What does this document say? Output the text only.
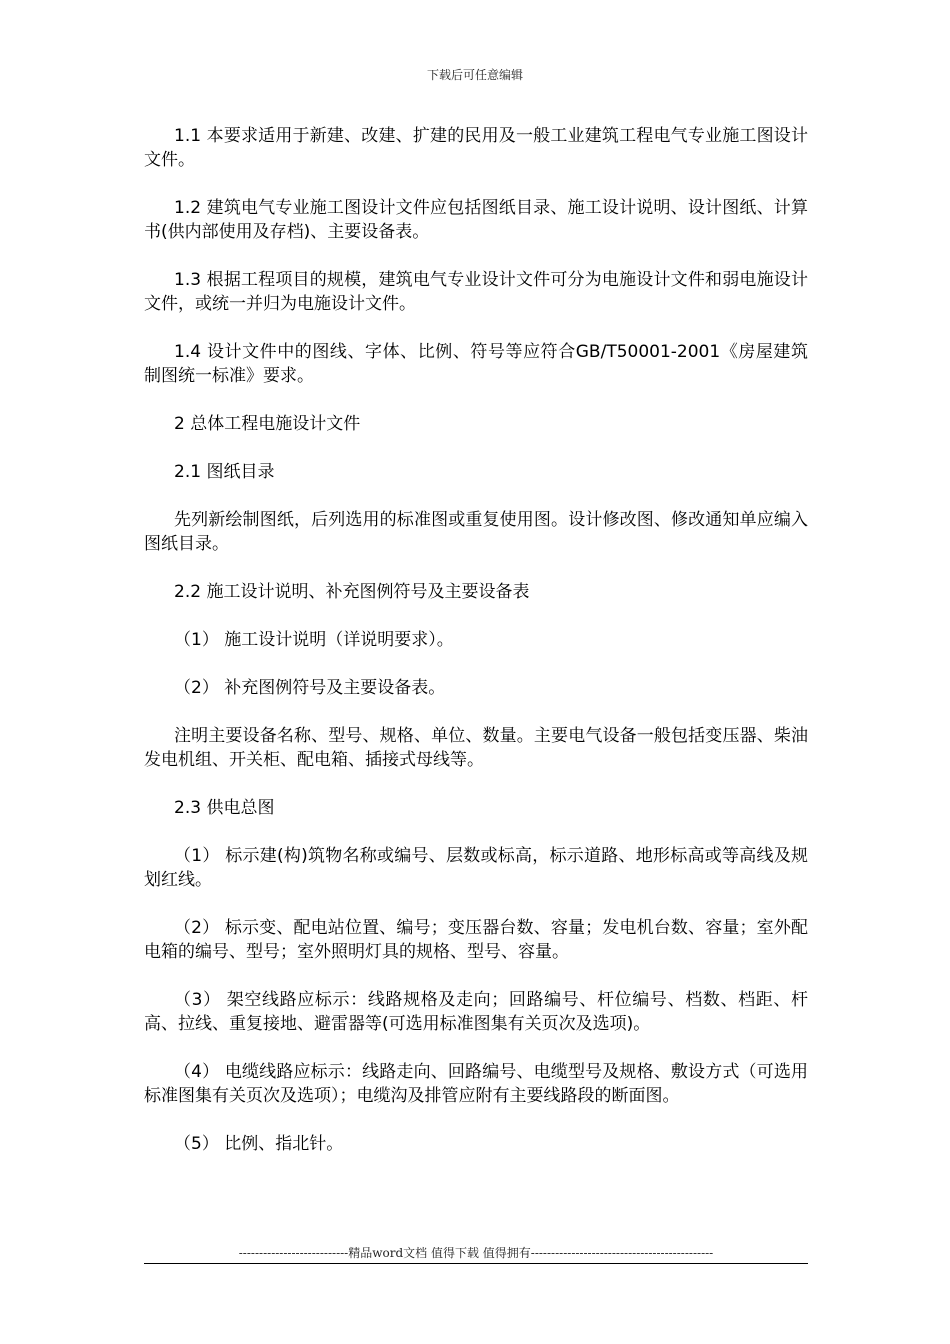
下载后可任意编辑

1.1 本要求适用于新建、改建、扩建的民用及一般工业建筑工程电气专业施工图设计文件。

1.2 建筑电气专业施工图设计文件应包括图纸目录、施工设计说明、设计图纸、计算书(供内部使用及存档)、主要设备表。

1.3 根据工程项目的规模，建筑电气专业设计文件可分为电施设计文件和弱电施设计文件，或统一并归为电施设计文件。

1.4 设计文件中的图线、字体、比例、符号等应符合GB/T50001-2001《房屋建筑制图统一标准》要求。

2 总体工程电施设计文件

2.1 图纸目录

先列新绘制图纸，后列选用的标准图或重复使用图。设计修改图、修改通知单应编入图纸目录。

2.2 施工设计说明、补充图例符号及主要设备表

（1） 施工设计说明（详说明要求）。

（2） 补充图例符号及主要设备表。

注明主要设备名称、型号、规格、单位、数量。主要电气设备一般包括变压器、柴油发电机组、开关柜、配电箱、插接式母线等。

2.3 供电总图

（1） 标示建(构)筑物名称或编号、层数或标高，标示道路、地形标高或等高线及规划红线。

（2） 标示变、配电站位置、编号；变压器台数、容量；发电机台数、容量；室外配电箱的编号、型号；室外照明灯具的规格、型号、容量。

（3） 架空线路应标示：线路规格及走向；回路编号、杆位编号、档数、档距、杆高、拉线、重复接地、避雷器等(可选用标准图集有关页次及选项)。

（4） 电缆线路应标示：线路走向、回路编号、电缆型号及规格、敷设方式（可选用标准图集有关页次及选项）；电缆沟及排管应附有主要线路段的断面图。

（5） 比例、指北针。

---------------------------精品word文档 值得下载 值得拥有---------------------------------------------
